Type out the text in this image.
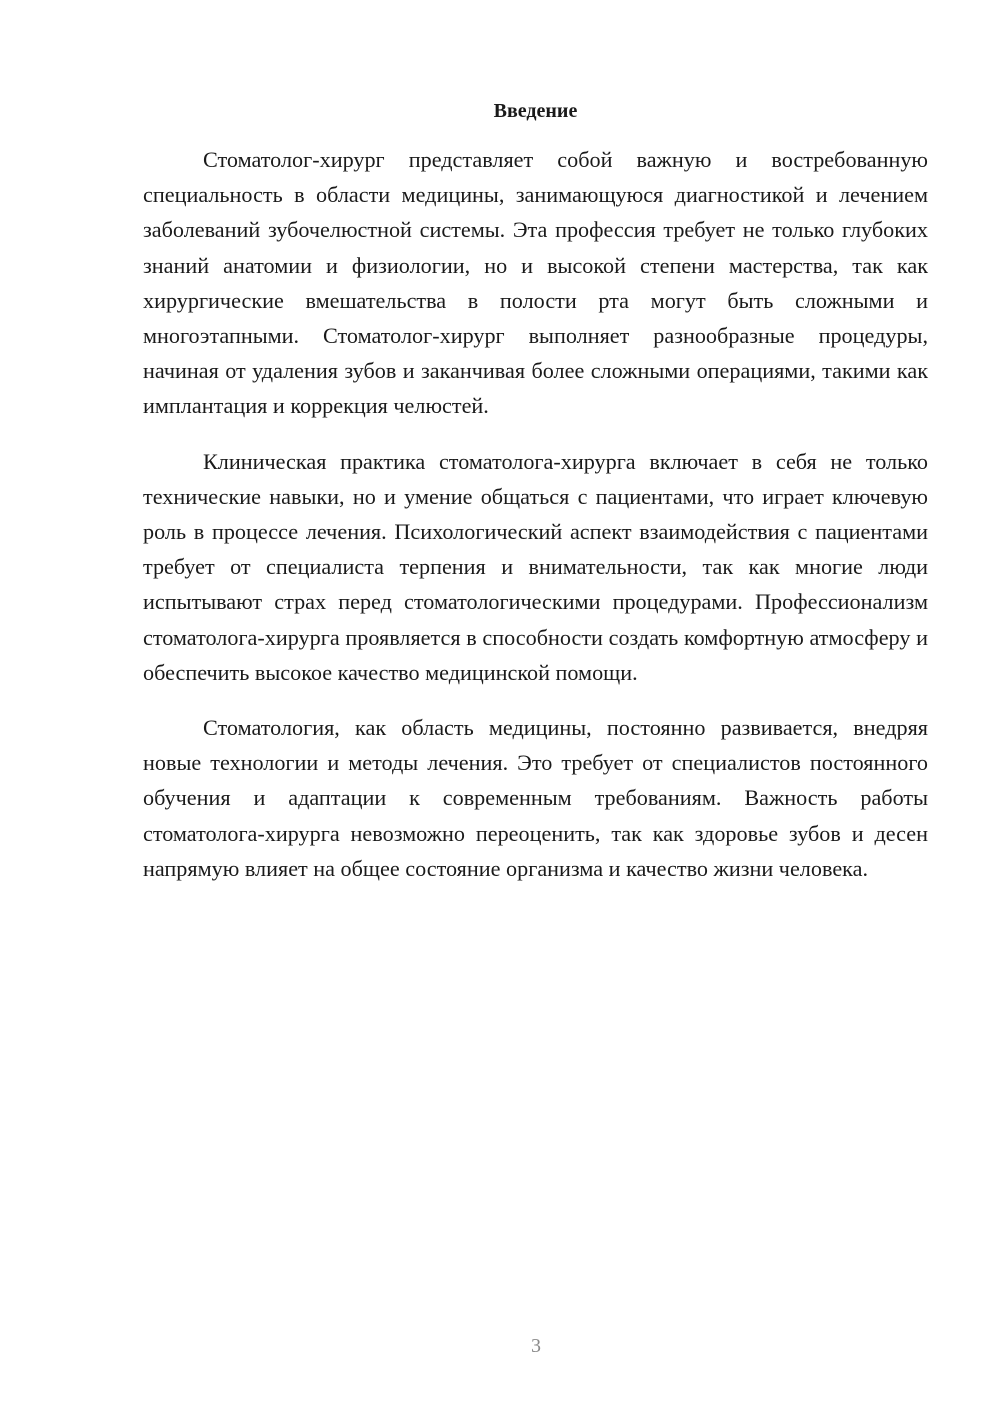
Введение

Стоматолог-хирург представляет собой важную и востребованную специальность в области медицины, занимающуюся диагностикой и лечением заболеваний зубочелюстной системы. Эта профессия требует не только глубоких знаний анатомии и физиологии, но и высокой степени мастерства, так как хирургические вмешательства в полости рта могут быть сложными и многоэтапными. Стоматолог-хирург выполняет разнообразные процедуры, начиная от удаления зубов и заканчивая более сложными операциями, такими как имплантация и коррекция челюстей.

Клиническая практика стоматолога-хирурга включает в себя не только технические навыки, но и умение общаться с пациентами, что играет ключевую роль в процессе лечения. Психологический аспект взаимодействия с пациентами требует от специалиста терпения и внимательности, так как многие люди испытывают страх перед стоматологическими процедурами. Профессионализм стоматолога-хирурга проявляется в способности создать комфортную атмосферу и обеспечить высокое качество медицинской помощи.

Стоматология, как область медицины, постоянно развивается, внедряя новые технологии и методы лечения. Это требует от специалистов постоянного обучения и адаптации к современным требованиям. Важность работы стоматолога-хирурга невозможно переоценить, так как здоровье зубов и десен напрямую влияет на общее состояние организма и качество жизни человека.

3
